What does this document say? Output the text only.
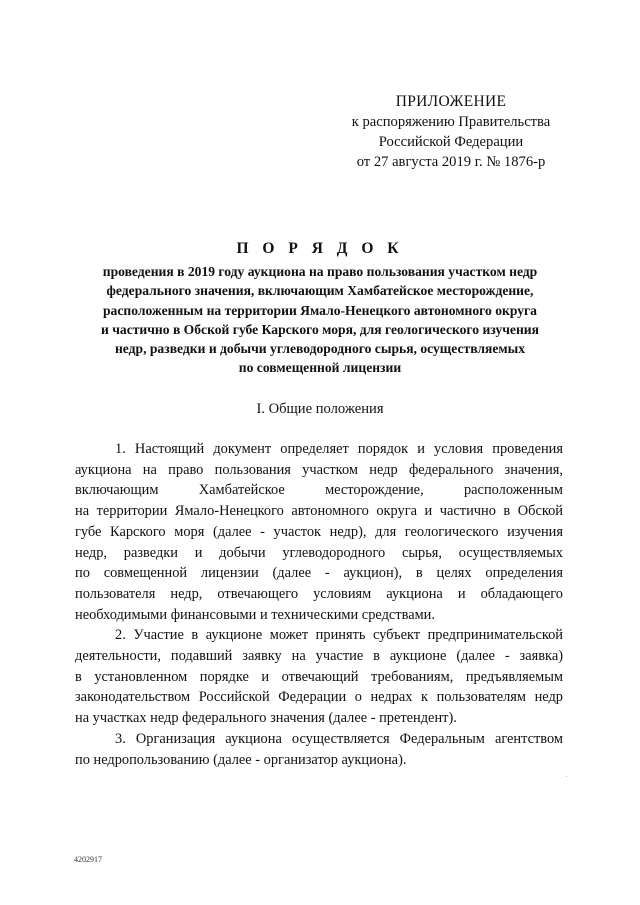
ПРИЛОЖЕНИЕ
к распоряжению Правительства
Российской Федерации
от 27 августа 2019 г. № 1876-р
П О Р Я Д О К
проведения в 2019 году аукциона на право пользования участком недр
федерального значения, включающим Хамбатейское месторождение,
расположенным на территории Ямало-Ненецкого автономного округа
и частично в Обской губе Карского моря, для геологического изучения
недр, разведки и добычи углеводородного сырья, осуществляемых
по совмещенной лицензии
I. Общие положения
1. Настоящий документ определяет порядок и условия проведения
аукциона на право пользования участком недр федерального значения,
включающим Хамбатейское месторождение, расположенным
на территории Ямало-Ненецкого автономного округа и частично в Обской
губе Карского моря (далее - участок недр), для геологического изучения
недр, разведки и добычи углеводородного сырья, осуществляемых
по совмещенной лицензии (далее - аукцион), в целях определения
пользователя недр, отвечающего условиям аукциона и обладающего
необходимыми финансовыми и техническими средствами.
2. Участие в аукционе может принять субъект предпринимательской
деятельности, подавший заявку на участие в аукционе (далее - заявка)
в установленном порядке и отвечающий требованиям, предъявляемым
законодательством Российской Федерации о недрах к пользователям недр
на участках недр федерального значения (далее - претендент).
3. Организация аукциона осуществляется Федеральным агентством
по недропользованию (далее - организатор аукциона).
4202917
